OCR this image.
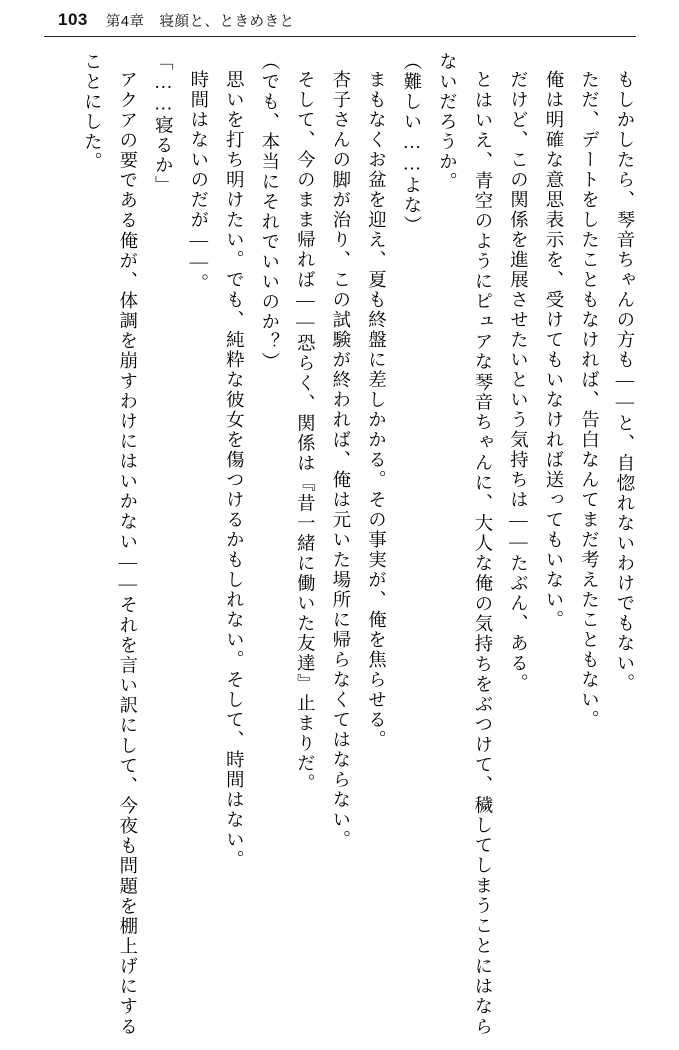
103 第4章　寝顔と、ときめきと

もしかしたら、琴音ちゃんの方も――と、自惚れないわけでもない。

ただ、デートをしたこともなければ、告白なんてまだ考えたこともない。

俺は明確な意思表示を、受けてもいなければ送ってもいない。

だけど、この関係を進展させたいという気持ちは――たぶん、ある。

とはいえ、青空のようにピュアな琴音ちゃんに、大人な俺の気持ちをぶつけて、穢してしまうことにはならないだろうか。

（難しい……よな）

まもなくお盆を迎え、夏も終盤に差しかかる。その事実が、俺を焦らせる。

杏子さんの脚が治り、この試験が終われば、俺は元いた場所に帰らなくてはならない。

そして、今のまま帰れば――恐らく、関係は『昔一緒に働いた友達』止まりだ。

（でも、本当にそれでいいのか？）

思いを打ち明けたい。でも、純粋な彼女を傷つけるかもしれない。そして、時間はない。

時間はないのだが――。

「……寝るか」

アクアの要である俺が、体調を崩すわけにはいかない――それを言い訳にして、今夜も問題を棚上げにすることにした。
